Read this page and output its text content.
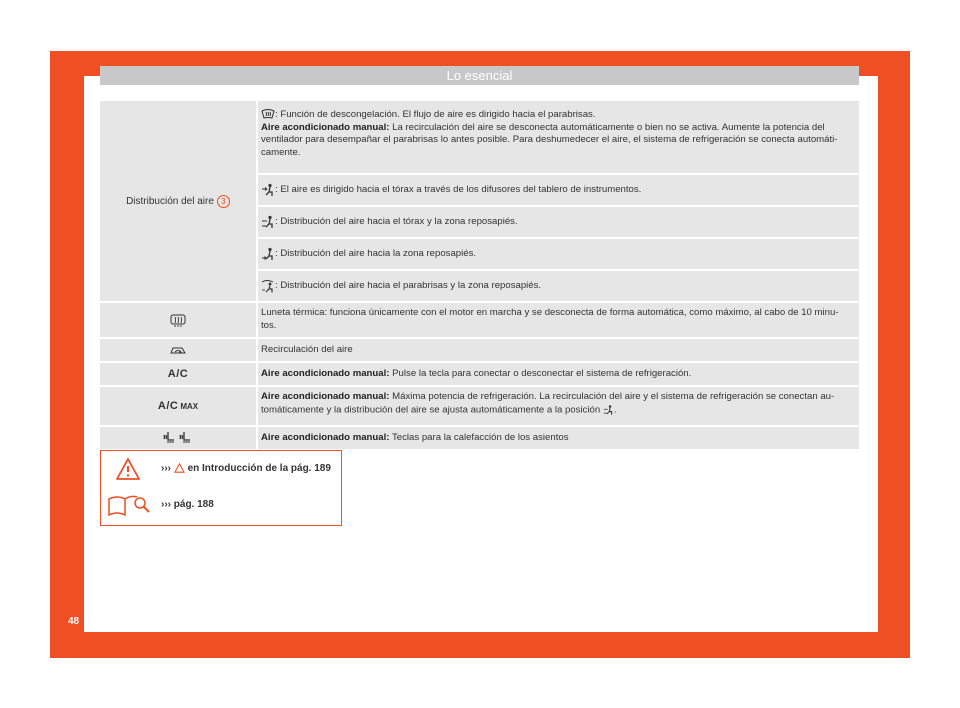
Lo esencial
Distribución del aire 3
: Función de descongelación. El flujo de aire es dirigido hacia el parabrisas.
Aire acondicionado manual: La recirculación del aire se desconecta automáticamente o bien no se activa. Aumente la potencia del ventilador para desempañar el parabrisas lo antes posible. Para deshumedecer el aire, el sistema de refrigeración se conecta automáti-camente.
: El aire es dirigido hacia el tórax a través de los difusores del tablero de instrumentos.
: Distribución del aire hacia el tórax y la zona reposapiés.
: Distribución del aire hacia la zona reposapiés.
: Distribución del aire hacia el parabrisas y la zona reposapiés.
Luneta térmica: funciona únicamente con el motor en marcha y se desconecta de forma automática, como máximo, al cabo de 10 minu-tos.
Recirculación del aire
A/C	Aire acondicionado manual: Pulse la tecla para conectar o desconectar el sistema de refrigeración.
A/C MAX
Aire acondicionado manual: Máxima potencia de refrigeración. La recirculación del aire y el sistema de refrigeración se conectan au-tomáticamente y la distribución del aire se ajusta automáticamente a la posición .
Aire acondicionado manual: Teclas para la calefacción de los asientos
››› en Introducción de la pág. 189
››› pág. 188
48
